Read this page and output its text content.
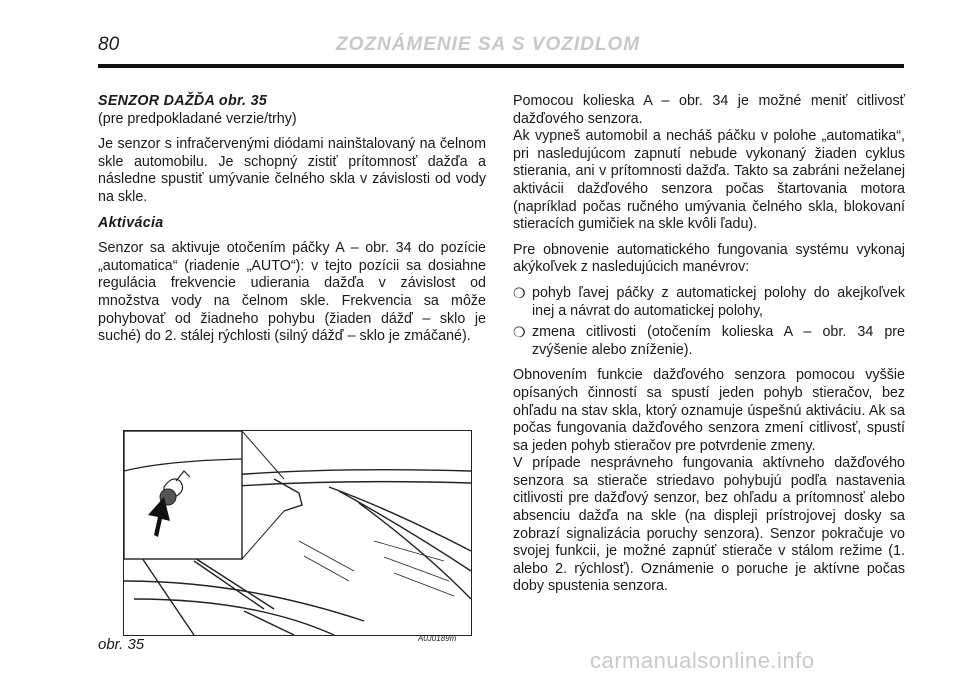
80	ZOZNÁMENIE SA S VOZIDLOM

SENZOR DAŽĎA obr. 35

(pre predpokladané verzie/trhy)

Je senzor s infračervenými diódami nainštalovaný na čelnom skle automobilu. Je schopný zistiť prítomnosť dažďa a následne spustiť umývanie čelného skla v závislosti od vody na skle.

Aktivácia

Senzor sa aktivuje otočením páčky A – obr. 34 do pozície „automatica“ (riadenie „AUTO“): v tejto pozícii sa dosiahne regulácia frekvencie udierania dažďa v závislost od množstva vody na čelnom skle. Frekvencia sa môže pohybovať od žiadneho pohybu (žiaden dážď – sklo je suché) do 2. stálej rýchlosti (silný dážď – sklo je zmáčané).

Pomocou kolieska A – obr. 34 je možné meniť citlivosť dažďového senzora.

Ak vypneš automobil a necháš páčku v polohe „automatika“, pri nasledujúcom zapnutí nebude vykonaný žiaden cyklus stierania, ani v prítomnosti dažďa. Takto sa zabráni neželanej aktivácii dažďového senzora počas štartovania motora (napríklad počas ručného umývania čelného skla, blokovaní stieracích gumičiek na skle kvôli ľadu).

Pre obnovenie automatického fungovania systému vykonaj akýkoľvek z nasledujúcich manévrov:

❍ pohyb ľavej páčky z automatickej polohy do akejkoľvek inej a návrat do automatickej polohy,
❍ zmena citlivosti (otočením kolieska A – obr. 34 pre zvýšenie alebo zníženie).

Obnovením funkcie dažďového senzora pomocou vyššie opísaných činností sa spustí jeden pohyb stieračov, bez ohľadu na stav skla, ktorý oznamuje úspešnú aktiváciu. Ak sa počas fungovania dažďového senzora zmení citlivosť, spustí sa jeden pohyb stieračov pre potvrdenie zmeny.

V prípade nesprávneho fungovania aktívneho dažďového senzora sa stierače striedavo pohybujú podľa nastavenia citlivosti pre dažďový senzor, bez ohľadu a prítomnosť alebo absenciu dažďa na skle (na displeji prístrojovej dosky sa zobrazí signalizácia poruchy senzora). Senzor pokračuje vo svojej funkcii, je možné zapnúť stierače v stálom režime (1. alebo 2. rýchlosť). Oznámenie o poruche je aktívne počas doby spustenia senzora.

obr. 35	A0J0189m
carmanualsonline.info
